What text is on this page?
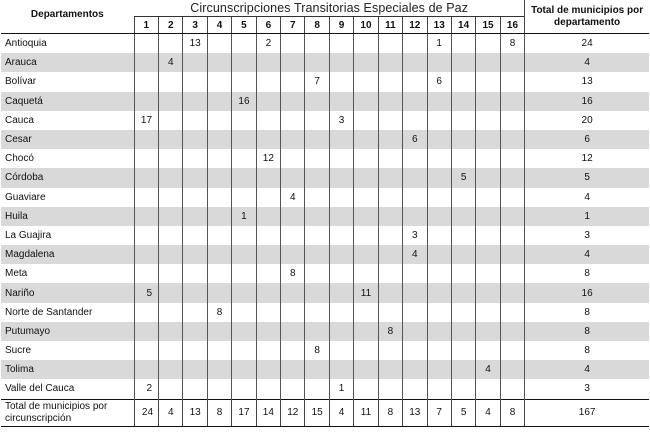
Departamentos	Circunscripciones Transitorias Especiales de Paz																Total de municipios por
departamento
	1	2	3	4	5	6	7	8	9	10	11	12	13	14	15	16	
Antioquia			13			2							1			8	24
Arauca		4															4
Bolívar								7					6				13
Caquetá					16												16
Cauca	17								3								20
Cesar												6					6
Chocó						12											12
Córdoba														5			5
Guaviare							4										4
Huila					1												1
La Guajira												3					3
Magdalena												4					4
Meta							8										8
Nariño	5									11							16
Norte de Santander				8													8
Putumayo											8						8
Sucre								8									8
Tolima															4		4
Valle del Cauca	2								1								3
Total de municipios por
circunscripción	24	4	13	8	17	14	12	15	4	11	8	13	7	5	4	8	167
